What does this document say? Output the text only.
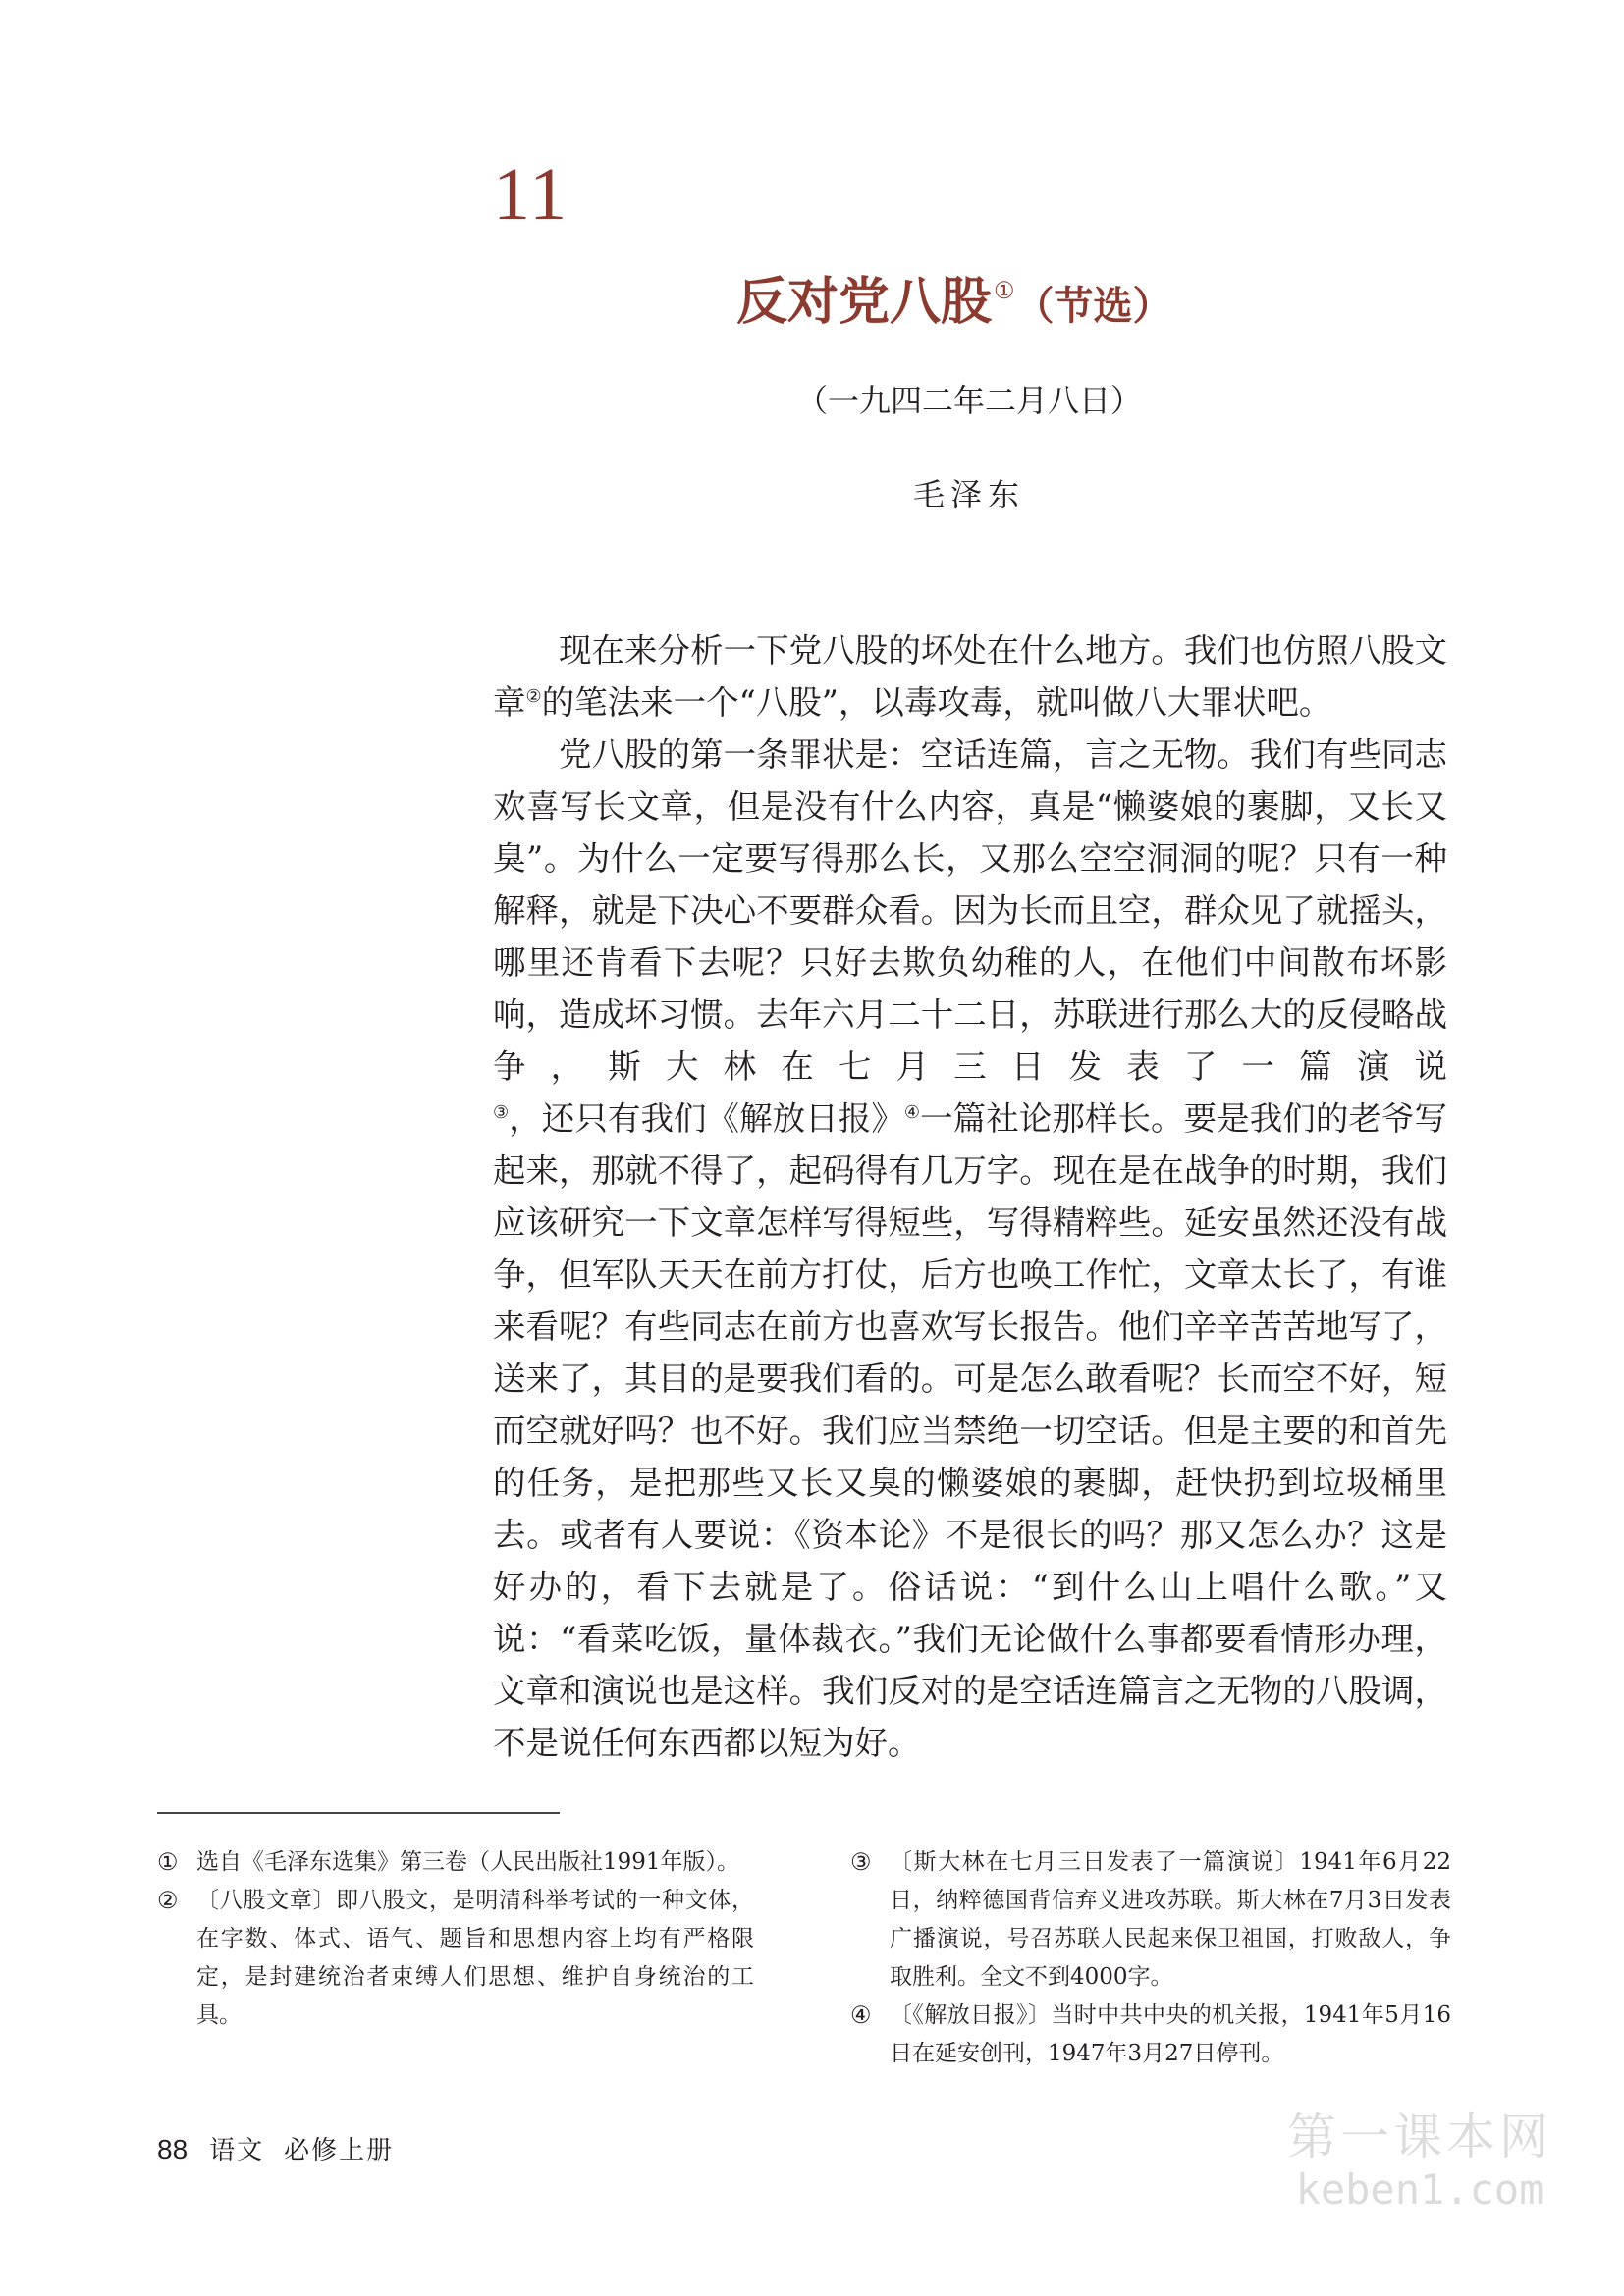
11
反对党八股①（节选）
（一九四二年二月八日）
毛泽东

现在来分析一下党八股的坏处在什么地方。我们也仿照八股文章②的笔法来一个“八股”，以毒攻毒，就叫做八大罪状吧。

党八股的第一条罪状是：空话连篇，言之无物。我们有些同志欢喜写长文章，但是没有什么内容，真是“懒婆娘的裹脚，又长又臭”。为什么一定要写得那么长，又那么空空洞洞的呢？只有一种解释，就是下决心不要群众看。因为长而且空，群众见了就摇头，哪里还肯看下去呢？只好去欺负幼稚的人，在他们中间散布坏影响，造成坏习惯。去年六月二十二日，苏联进行那么大的反侵略战争，斯大林在七月三日发表了一篇演说③，还只有我们《解放日报》④一篇社论那样长。要是我们的老爷写起来，那就不得了，起码得有几万字。现在是在战争的时期，我们应该研究一下文章怎样写得短些，写得精粹些。延安虽然还没有战争，但军队天天在前方打仗，后方也唤工作忙，文章太长了，有谁来看呢？有些同志在前方也喜欢写长报告。他们辛辛苦苦地写了，送来了，其目的是要我们看的。可是怎么敢看呢？长而空不好，短而空就好吗？也不好。我们应当禁绝一切空话。但是主要的和首先的任务，是把那些又长又臭的懒婆娘的裹脚，赶快扔到垃圾桶里去。或者有人要说：《资本论》不是很长的吗？那又怎么办？这是好办的，看下去就是了。俗话说：“到什么山上唱什么歌。”又说：“看菜吃饭，量体裁衣。”我们无论做什么事都要看情形办理，文章和演说也是这样。我们反对的是空话连篇言之无物的八股调，不是说任何东西都以短为好。

① 选自《毛泽东选集》第三卷（人民出版社1991年版）。
② 〔八股文章〕即八股文，是明清科举考试的一种文体，在字数、体式、语气、题旨和思想内容上均有严格限定，是封建统治者束缚人们思想、维护自身统治的工具。
③ 〔斯大林在七月三日发表了一篇演说〕1941年6月22日，纳粹德国背信弃义进攻苏联。斯大林在7月3日发表广播演说，号召苏联人民起来保卫祖国，打败敌人，争取胜利。全文不到4000字。
④ 〔《解放日报》〕当时中共中央的机关报，1941年5月16日在延安创刊，1947年3月27日停刊。
88 语文 必修上册	第一课本网
keben1.com
